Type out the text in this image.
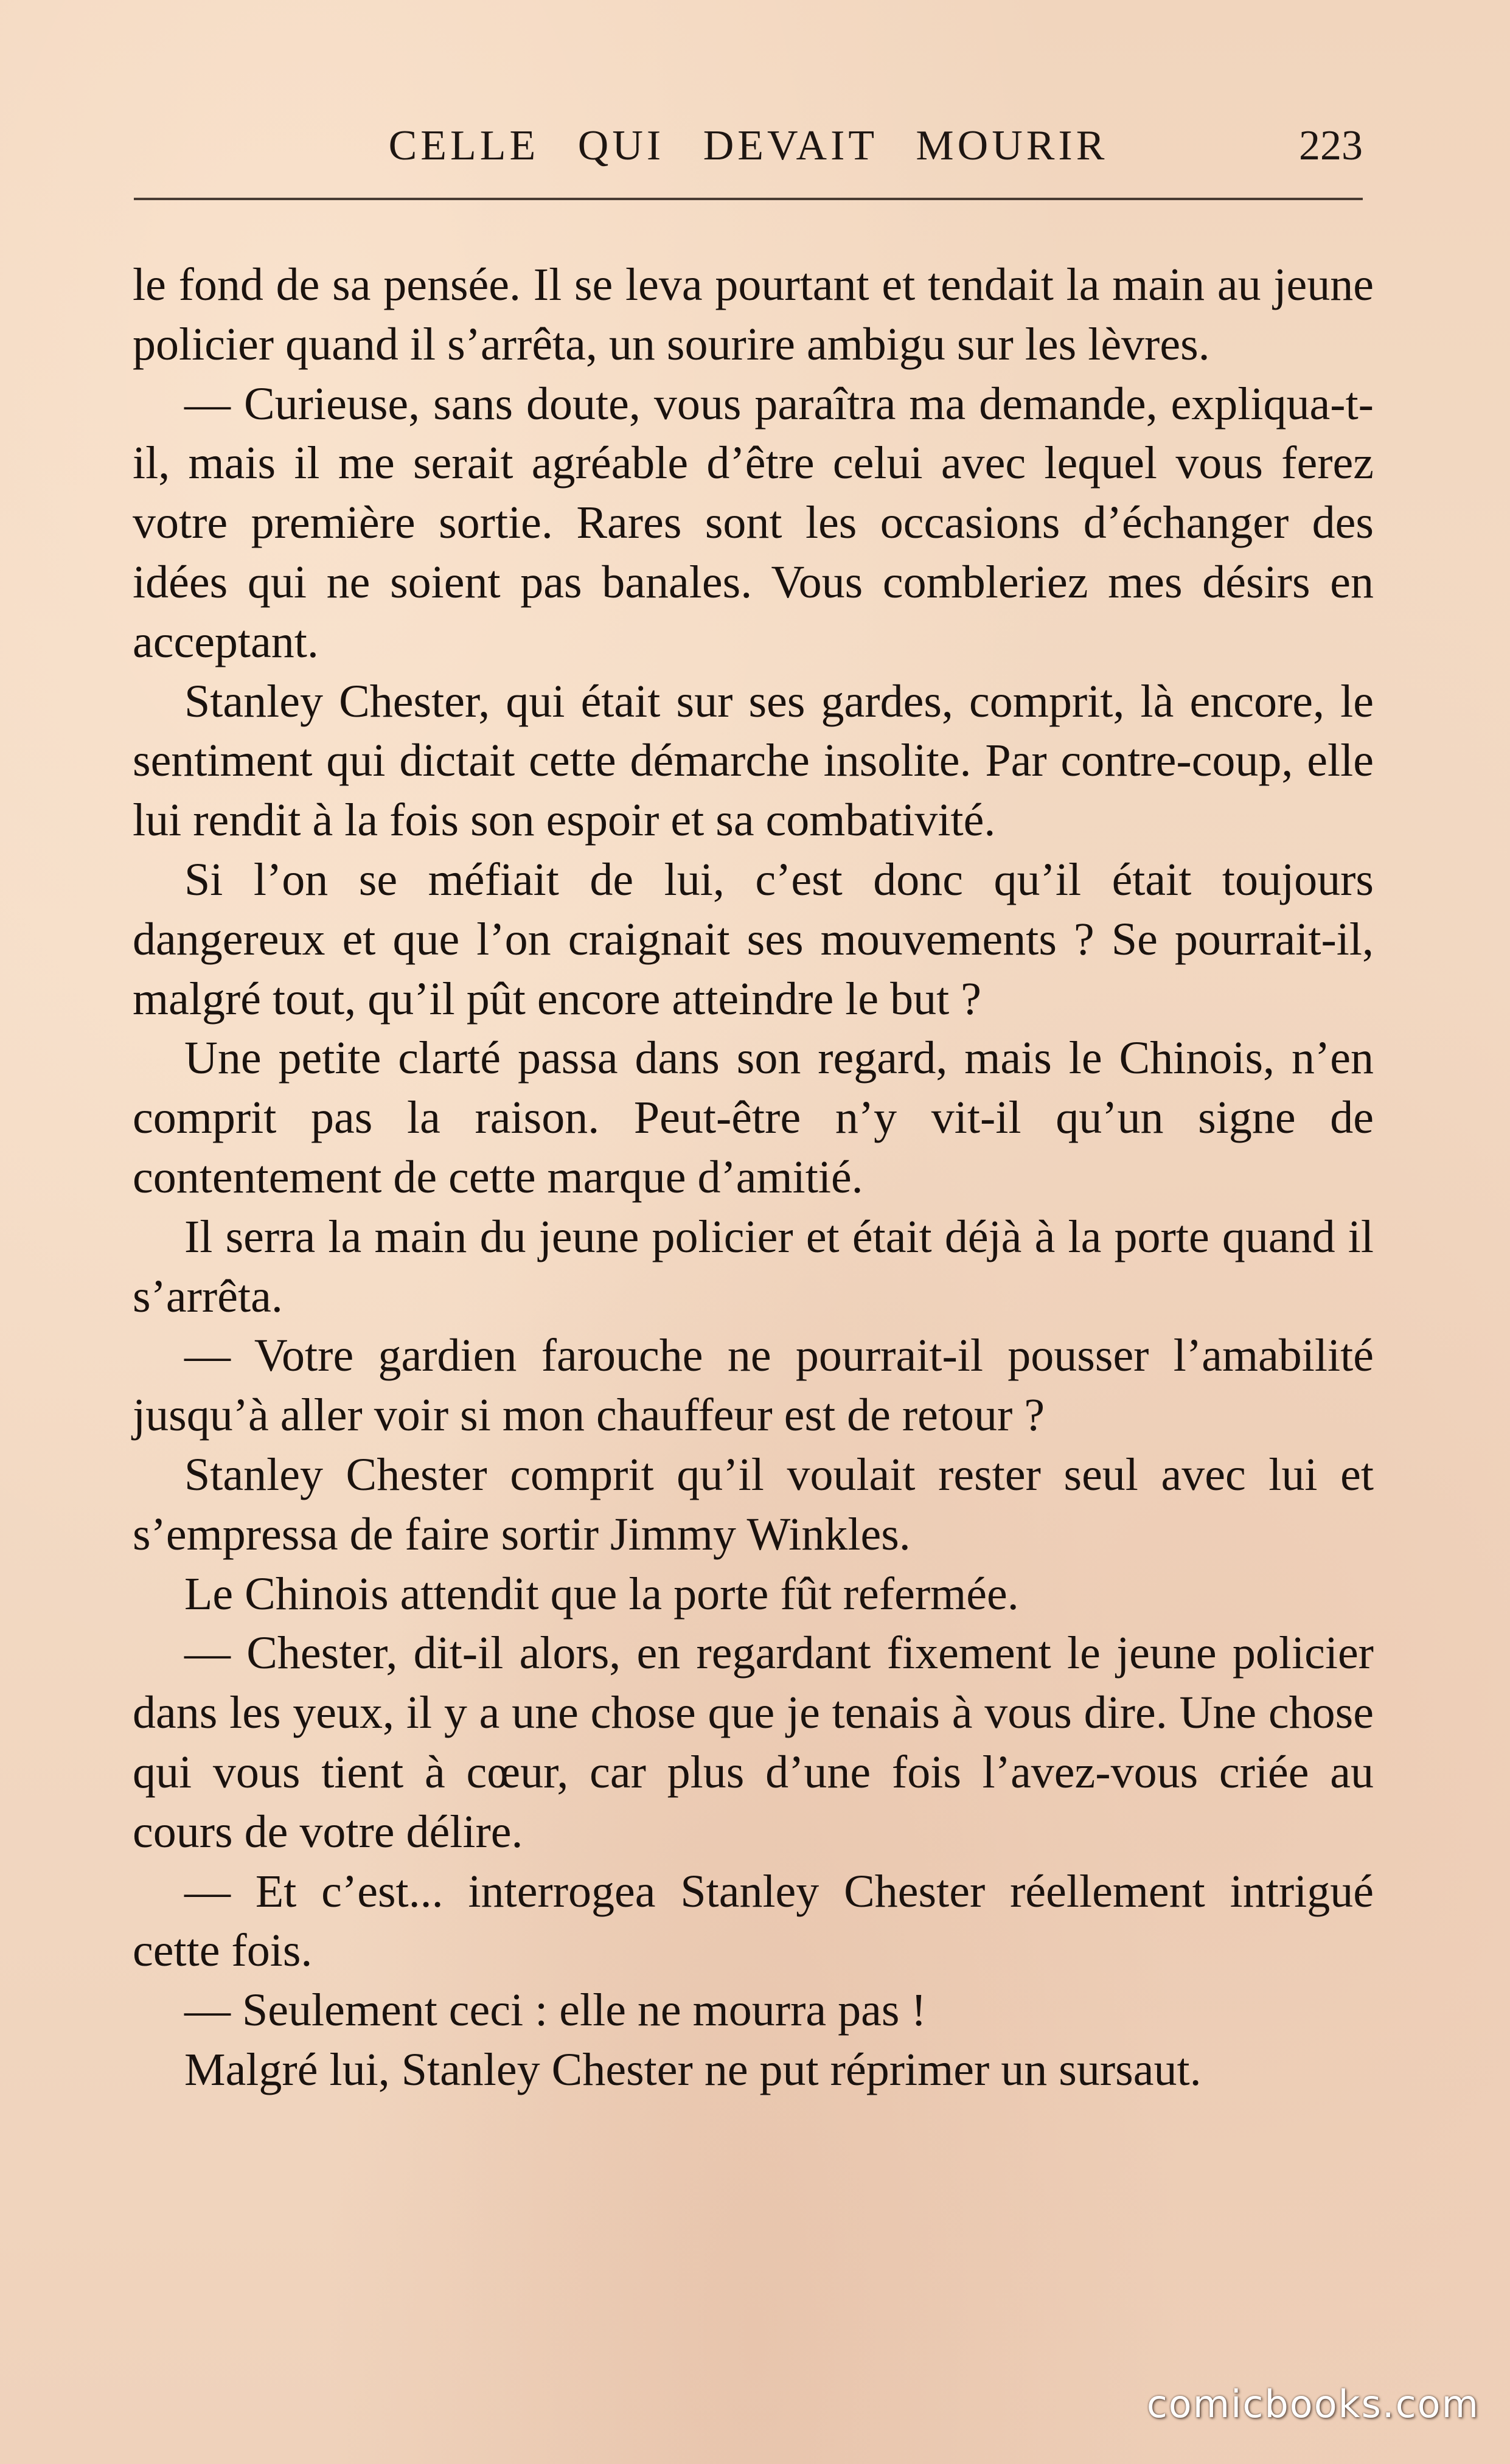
CELLE QUI DEVAIT MOURIR	223

le fond de sa pensée. Il se leva pourtant et tendait la main au jeune policier quand il s’arrêta, un sourire ambigu sur les lèvres.

— Curieuse, sans doute, vous paraîtra ma demande, expliqua-t-il, mais il me serait agréable d’être celui avec lequel vous ferez votre première sortie. Rares sont les occasions d’échanger des idées qui ne soient pas banales. Vous combleriez mes désirs en acceptant.

Stanley Chester, qui était sur ses gardes, comprit, là encore, le sentiment qui dictait cette démarche insolite. Par contre-coup, elle lui rendit à la fois son espoir et sa combativité.

Si l’on se méfiait de lui, c’est donc qu’il était toujours dangereux et que l’on craignait ses mouvements ? Se pourrait-il, malgré tout, qu’il pût encore atteindre le but ?

Une petite clarté passa dans son regard, mais le Chinois, n’en comprit pas la raison. Peut-être n’y vit-il qu’un signe de contentement de cette marque d’amitié.

Il serra la main du jeune policier et était déjà à la porte quand il s’arrêta.

— Votre gardien farouche ne pourrait-il pousser l’amabilité jusqu’à aller voir si mon chauffeur est de retour ?

Stanley Chester comprit qu’il voulait rester seul avec lui et s’empressa de faire sortir Jimmy Winkles.

Le Chinois attendit que la porte fût refermée.

— Chester, dit-il alors, en regardant fixement le jeune policier dans les yeux, il y a une chose que je tenais à vous dire. Une chose qui vous tient à cœur, car plus d’une fois l’avez-vous criée au cours de votre délire.

— Et c’est... interrogea Stanley Chester réellement intrigué cette fois.

— Seulement ceci : elle ne mourra pas !

Malgré lui, Stanley Chester ne put réprimer un sursaut.

comicbooks.com
